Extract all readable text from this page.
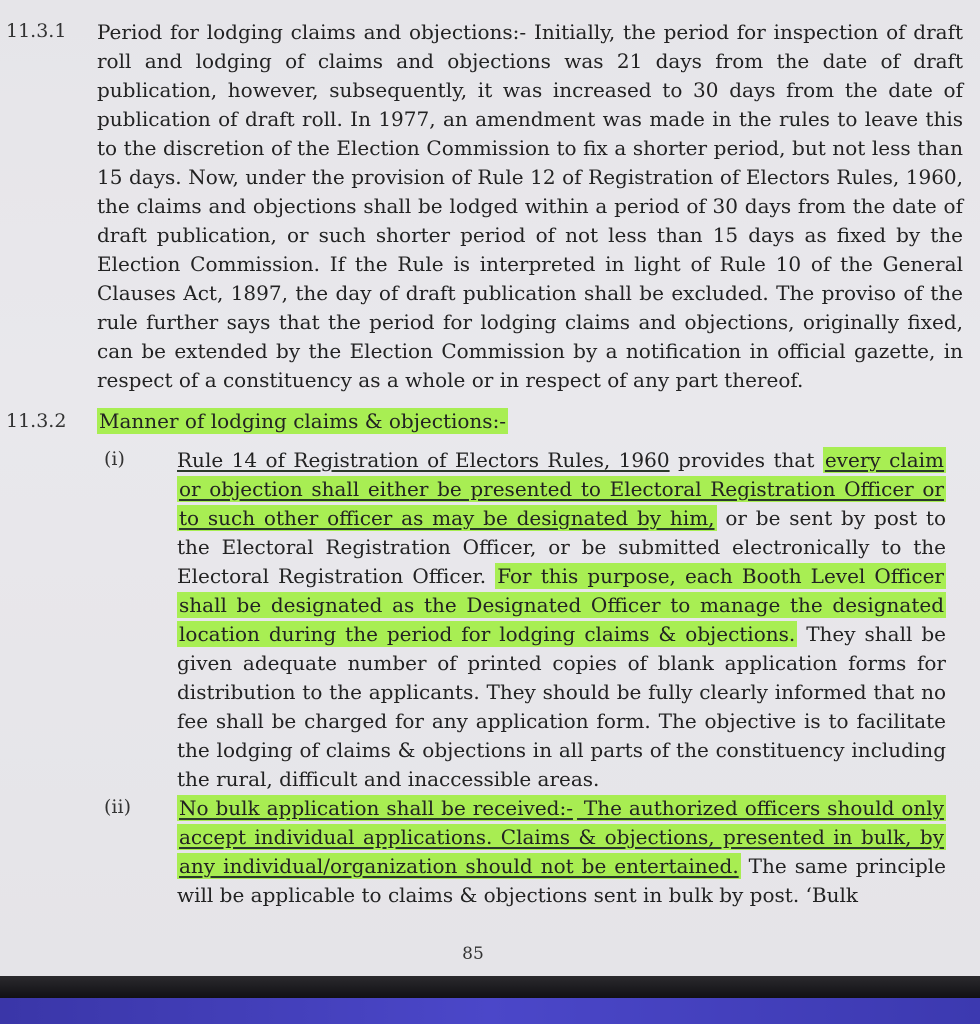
11.3.1 Period for lodging claims and objections:- Initially, the period for inspection of draft roll and lodging of claims and objections was 21 days from the date of draft publication, however, subsequently, it was increased to 30 days from the date of publication of draft roll. In 1977, an amendment was made in the rules to leave this to the discretion of the Election Commission to fix a shorter period, but not less than 15 days. Now, under the provision of Rule 12 of Registration of Electors Rules, 1960, the claims and objections shall be lodged within a period of 30 days from the date of draft publication, or such shorter period of not less than 15 days as fixed by the Election Commission. If the Rule is interpreted in light of Rule 10 of the General Clauses Act, 1897, the day of draft publication shall be excluded. The proviso of the rule further says that the period for lodging claims and objections, originally fixed, can be extended by the Election Commission by a notification in official gazette, in respect of a constituency as a whole or in respect of any part thereof.

11.3.2 Manner of lodging claims & objections:-
(i)	Rule 14 of Registration of Electors Rules, 1960 provides that every claim or objection shall either be presented to Electoral Registration Officer or to such other officer as may be designated by him, or be sent by post to the Electoral Registration Officer, or be submitted electronically to the Electoral Registration Officer. For this purpose, each Booth Level Officer shall be designated as the Designated Officer to manage the designated location during the period for lodging claims & objections. They shall be given adequate number of printed copies of blank application forms for distribution to the applicants. They should be fully clearly informed that no fee shall be charged for any application form. The objective is to facilitate the lodging of claims & objections in all parts of the constituency including the rural, difficult and inaccessible areas.

(ii) No bulk application shall be received:- The authorized officers should only accept individual applications. Claims & objections, presented in bulk, by any individual/organization should not be entertained. The same principle will be applicable to claims & objections sent in bulk by post. ‘Bulk

85
